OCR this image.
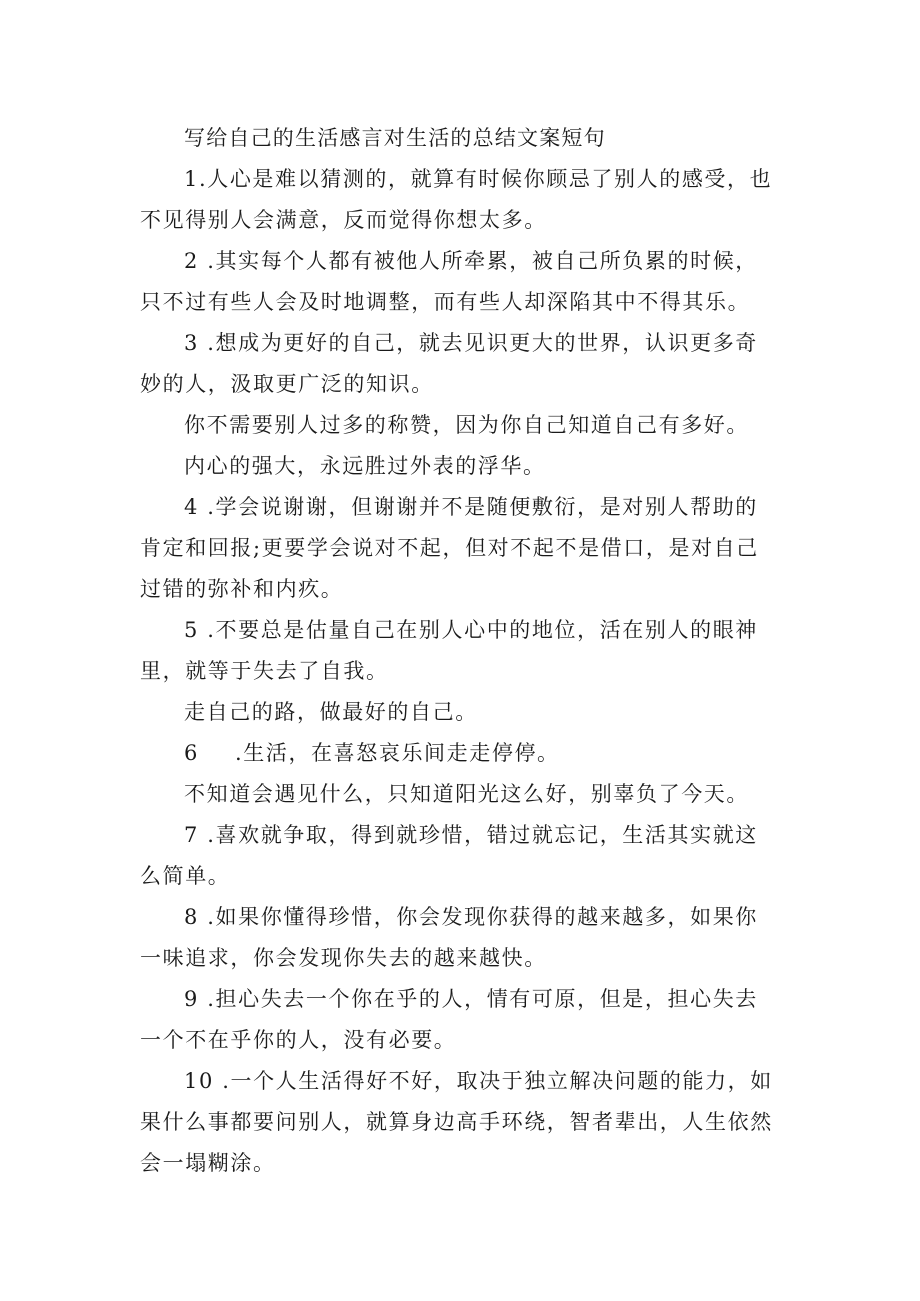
写给自己的生活感言对生活的总结文案短句

1.人心是难以猜测的，就算有时候你顾忌了别人的感受，也不见得别人会满意，反而觉得你想太多。

2 .其实每个人都有被他人所牵累，被自己所负累的时候，只不过有些人会及时地调整，而有些人却深陷其中不得其乐。

3 .想成为更好的自己，就去见识更大的世界，认识更多奇妙的人，汲取更广泛的知识。

你不需要别人过多的称赞，因为你自己知道自己有多好。

内心的强大，永远胜过外表的浮华。

4 .学会说谢谢，但谢谢并不是随便敷衍，是对别人帮助的肯定和回报;更要学会说对不起，但对不起不是借口，是对自己过错的弥补和内疚。

5 .不要总是估量自己在别人心中的地位，活在别人的眼神里，就等于失去了自我。

走自己的路，做最好的自己。

6 .生活，在喜怒哀乐间走走停停。

不知道会遇见什么，只知道阳光这么好，别辜负了今天。

7 .喜欢就争取，得到就珍惜，错过就忘记，生活其实就这么简单。

8 .如果你懂得珍惜，你会发现你获得的越来越多，如果你一味追求，你会发现你失去的越来越快。

9 .担心失去一个你在乎的人，情有可原，但是，担心失去一个不在乎你的人，没有必要。

10 .一个人生活得好不好，取决于独立解决问题的能力，如果什么事都要问别人，就算身边高手环绕，智者辈出，人生依然会一塌糊涂。
